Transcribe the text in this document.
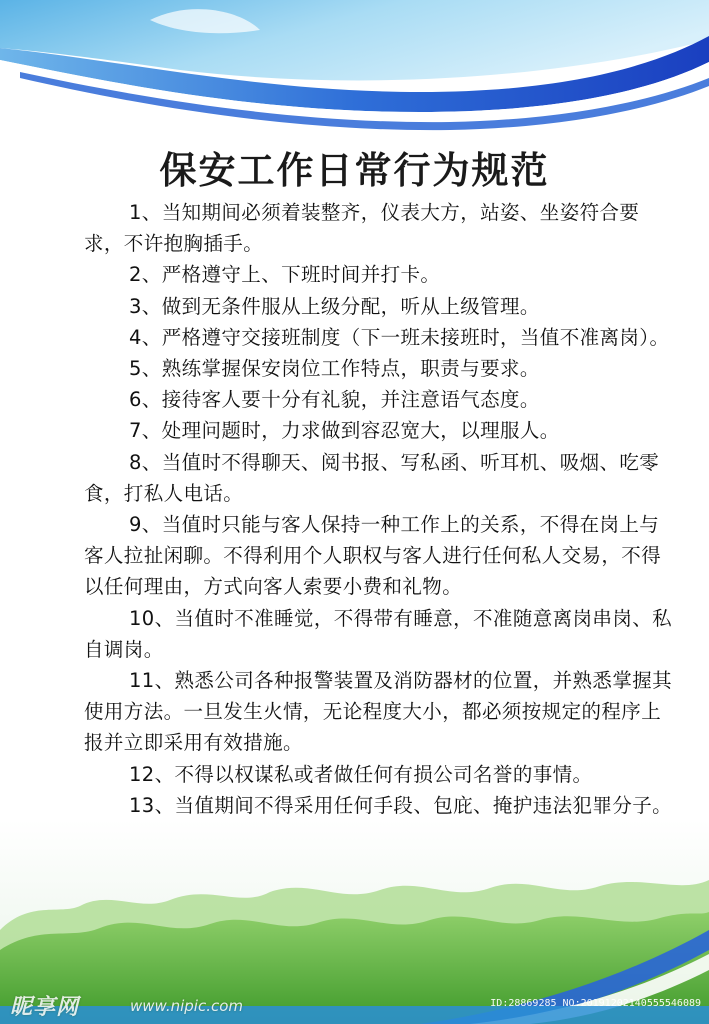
保安工作日常行为规范
1、当知期间必须着装整齐，仪表大方，站姿、坐姿符合要求，不许抱胸插手。
2、严格遵守上、下班时间并打卡。
3、做到无条件服从上级分配，听从上级管理。
4、严格遵守交接班制度（下一班未接班时，当值不准离岗）。
5、熟练掌握保安岗位工作特点，职责与要求。
6、接待客人要十分有礼貌，并注意语气态度。
7、处理问题时，力求做到容忍宽大，以理服人。
8、当值时不得聊天、阅书报、写私函、听耳机、吸烟、吃零食，打私人电话。
9、当值时只能与客人保持一种工作上的关系，不得在岗上与客人拉扯闲聊。不得利用个人职权与客人进行任何私人交易，不得以任何理由，方式向客人索要小费和礼物。
10、当值时不准睡觉，不得带有睡意，不准随意离岗串岗、私自调岗。
11、熟悉公司各种报警装置及消防器材的位置，并熟悉掌握其使用方法。一旦发生火情，无论程度大小，都必须按规定的程序上报并立即采用有效措施。
12、不得以权谋私或者做任何有损公司名誉的事情。
13、当值期间不得采用任何手段、包庇、掩护违法犯罪分子。
昵享网	www.nipic.com	ID:28869285 NO:20191202140555546089
